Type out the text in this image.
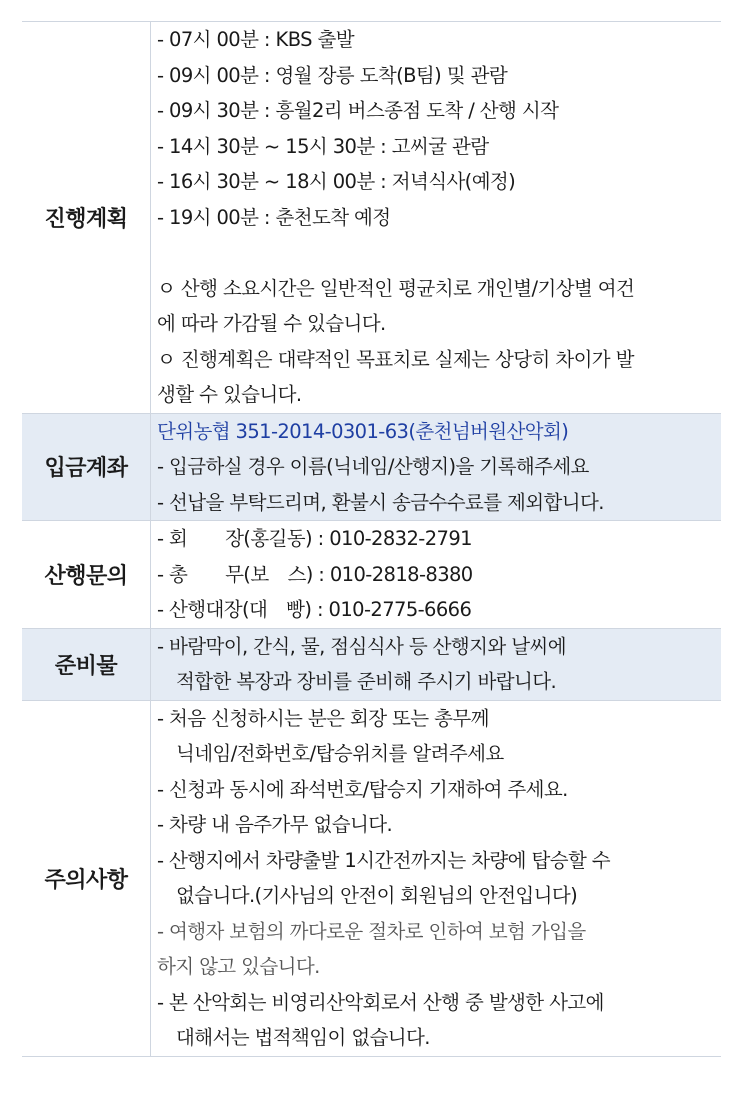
진행계획
- 07시 00분 : KBS 출발
- 09시 00분 : 영월 장릉 도착(B팀) 및 관람
- 09시 30분 : 흥월2리 버스종점 도착 / 산행 시작
- 14시 30분 ~ 15시 30분 : 고씨굴 관람
- 16시 30분 ~ 18시 00분 : 저녁식사(예정)
- 19시 00분 : 춘천도착 예정
ㅇ 산행 소요시간은 일반적인 평균치로 개인별/기상별 여건
에 따라 가감될 수 있습니다.
ㅇ 진행계획은 대략적인 목표치로 실제는 상당히 차이가 발
생할 수 있습니다.
입금계좌
단위농협 351-2014-0301-63(춘천넘버원산악회)
- 입금하실 경우 이름(닉네임/산행지)을 기록해주세요
- 선납을 부탁드리며, 환불시 송금수수료를 제외합니다.
산행문의
- 회　　장(홍길동) : 010-2832-2791
- 총　　무(보　스) : 010-2818-8380
- 산행대장(대　빵) : 010-2775-6666
준비물
- 바람막이, 간식, 물, 점심식사 등 산행지와 날씨에
적합한 복장과 장비를 준비해 주시기 바랍니다.
주의사항
- 처음 신청하시는 분은 회장 또는 총무께
닉네임/전화번호/탑승위치를 알려주세요
- 신청과 동시에 좌석번호/탑승지 기재하여 주세요.
- 차량 내 음주가무 없습니다.
- 산행지에서 차량출발 1시간전까지는 차량에 탑승할 수
없습니다.(기사님의 안전이 회원님의 안전입니다)
- 여행자 보험의 까다로운 절차로 인하여 보험 가입을
하지 않고 있습니다.
- 본 산악회는 비영리산악회로서 산행 중 발생한 사고에
대해서는 법적책임이 없습니다.
